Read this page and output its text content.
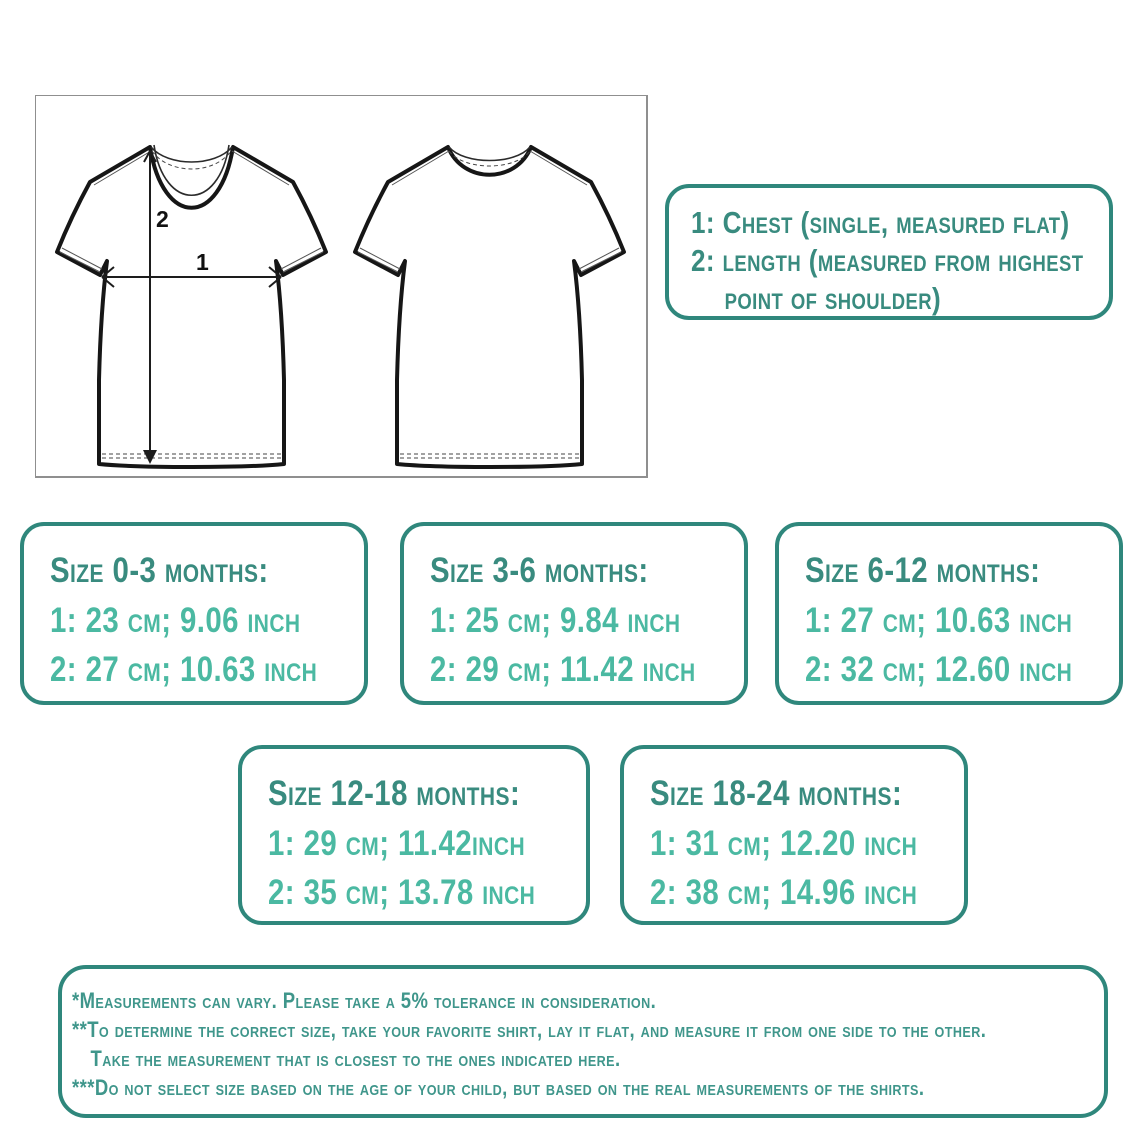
2
1
1: Chest (single, measured flat)
2: length (measured from highest
point of shoulder)
Size 0-3 months:
1: 23 cm; 9.06 inch
2: 27 cm; 10.63 inch
Size 3-6 months:
1: 25 cm; 9.84 inch
2: 29 cm; 11.42 inch
Size 6-12 months:
1: 27 cm; 10.63 inch
2: 32 cm; 12.60 inch
Size 12-18 months:
1: 29 cm; 11.42inch
2: 35 cm; 13.78 inch
Size 18-24 months:
1: 31 cm; 12.20 inch
2: 38 cm; 14.96 inch
*Measurements can vary. Please take a 5% tolerance in consideration.
**To determine the correct size, take your favorite shirt, lay it flat, and measure it from one side to the other.
Take the measurement that is closest to the ones indicated here.
***Do not select size based on the age of your child, but based on the real measurements of the shirts.
